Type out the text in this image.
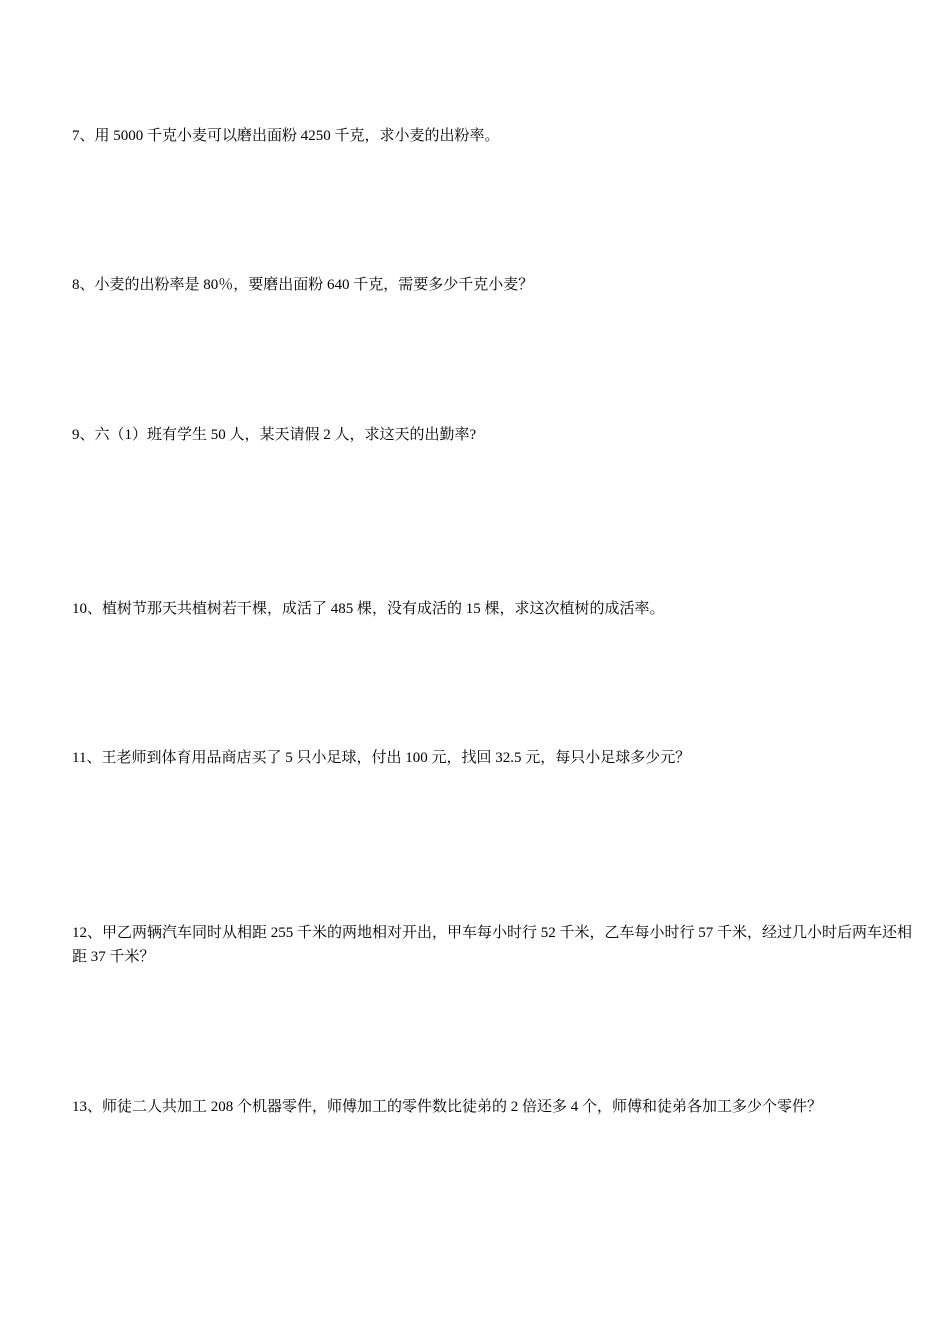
7、用 5000 千克小麦可以磨出面粉 4250 千克，求小麦的出粉率。

8、小麦的出粉率是 80％，要磨出面粉 640 千克，需要多少千克小麦？

9、六（1）班有学生 50 人，某天请假 2 人，求这天的出勤率?

10、植树节那天共植树若干棵，成活了 485 棵，没有成活的 15 棵，求这次植树的成活率。

11、王老师到体育用品商店买了 5 只小足球，付出 100 元，找回 32.5 元，每只小足球多少元？

12、甲乙两辆汽车同时从相距 255 千米的两地相对开出，甲车每小时行 52 千米，乙车每小时行 57 千米，经过几小时后两车还相距 37 千米？

13、师徒二人共加工 208 个机器零件，师傅加工的零件数比徒弟的 2 倍还多 4 个，师傅和徒弟各加工多少个零件？
